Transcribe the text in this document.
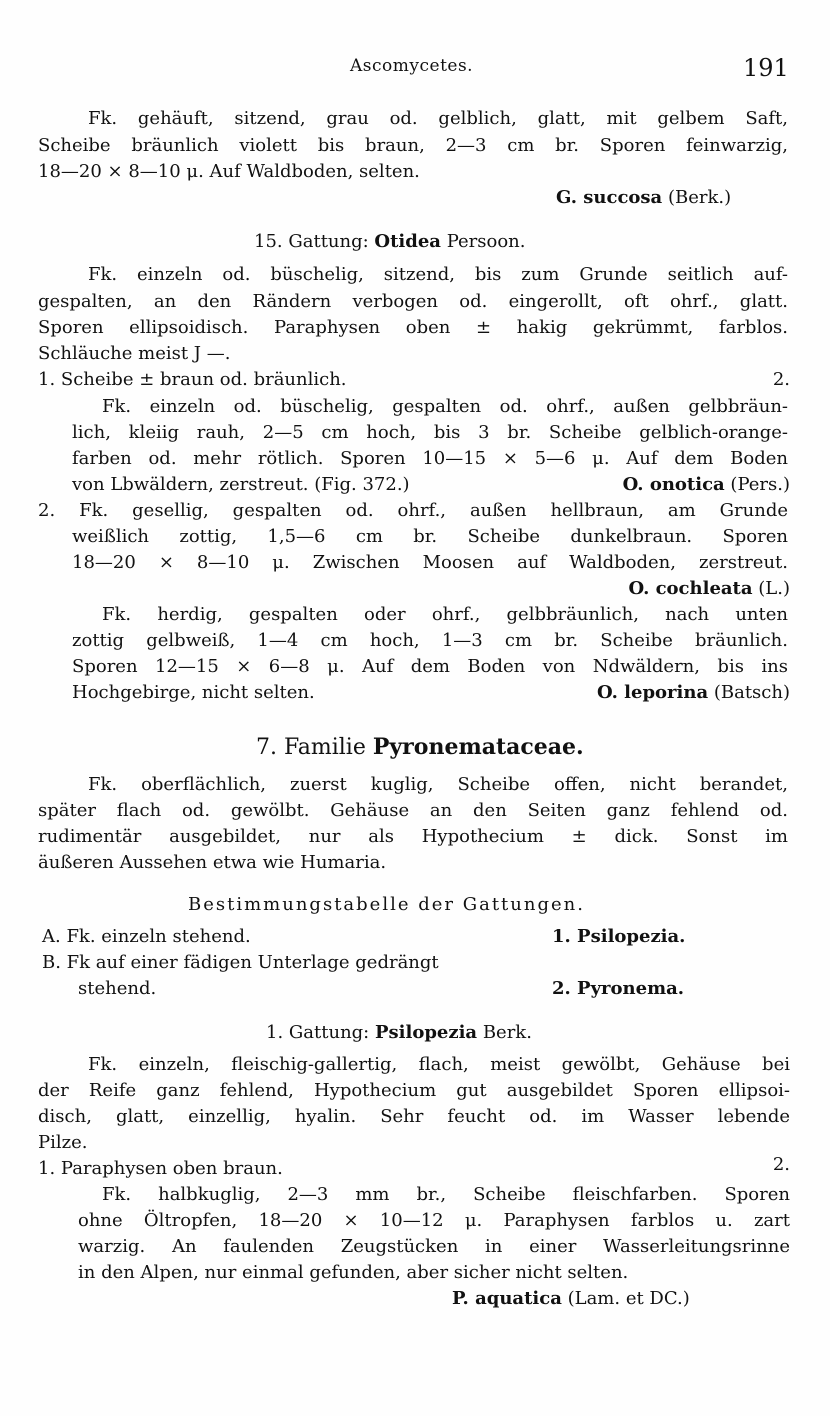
Ascomycetes.	191
Fk. gehäuft, sitzend, grau od. gelblich, glatt, mit gelbem Saft,
Scheibe bräunlich violett bis braun, 2—3 cm br. Sporen feinwarzig,
18—20 × 8—10 μ. Auf Waldboden, selten.
G. succosa (Berk.)
15. Gattung: Otidea Persoon.
Fk. einzeln od. büschelig, sitzend, bis zum Grunde seitlich auf-
gespalten, an den Rändern verbogen od. eingerollt, oft ohrf., glatt.
Sporen ellipsoidisch. Paraphysen oben ± hakig gekrümmt, farblos.
Schläuche meist J —.
1. Scheibe ± braun od. bräunlich.	2.
Fk. einzeln od. büschelig, gespalten od. ohrf., außen gelbbräun-
lich, kleiig rauh, 2—5 cm hoch, bis 3 br. Scheibe gelblich-orange-
farben od. mehr rötlich. Sporen 10—15 × 5—6 μ. Auf dem Boden
von Lbwäldern, zerstreut. (Fig. 372.)	O. onotica (Pers.)
2. Fk. gesellig, gespalten od. ohrf., außen hellbraun, am Grunde
weißlich zottig, 1,5—6 cm br. Scheibe dunkelbraun. Sporen
18—20 × 8—10 μ. Zwischen Moosen auf Waldboden, zerstreut.
O. cochleata (L.)
Fk. herdig, gespalten oder ohrf., gelbbräunlich, nach unten
zottig gelbweiß, 1—4 cm hoch, 1—3 cm br. Scheibe bräunlich.
Sporen 12—15 × 6—8 μ. Auf dem Boden von Ndwäldern, bis ins
Hochgebirge, nicht selten.	O. leporina (Batsch)
7. Familie Pyronemataceae.
Fk. oberflächlich, zuerst kuglig, Scheibe offen, nicht berandet,
später flach od. gewölbt. Gehäuse an den Seiten ganz fehlend od.
rudimentär ausgebildet, nur als Hypothecium ± dick. Sonst im
äußeren Aussehen etwa wie Humaria.
Bestimmungstabelle der Gattungen.
A. Fk. einzeln stehend.	1. Psilopezia.
B. Fk auf einer fädigen Unterlage gedrängt
stehend.	2. Pyronema.
1. Gattung: Psilopezia Berk.
Fk. einzeln, fleischig-gallertig, flach, meist gewölbt, Gehäuse bei
der Reife ganz fehlend, Hypothecium gut ausgebildet Sporen ellipsoi-
disch, glatt, einzellig, hyalin. Sehr feucht od. im Wasser lebende
Pilze.
1. Paraphysen oben braun.	2.
Fk. halbkuglig, 2—3 mm br., Scheibe fleischfarben. Sporen
ohne Öltropfen, 18—20 × 10—12 μ. Paraphysen farblos u. zart
warzig. An faulenden Zeugstücken in einer Wasserleitungsrinne
in den Alpen, nur einmal gefunden, aber sicher nicht selten.
P. aquatica (Lam. et DC.)
